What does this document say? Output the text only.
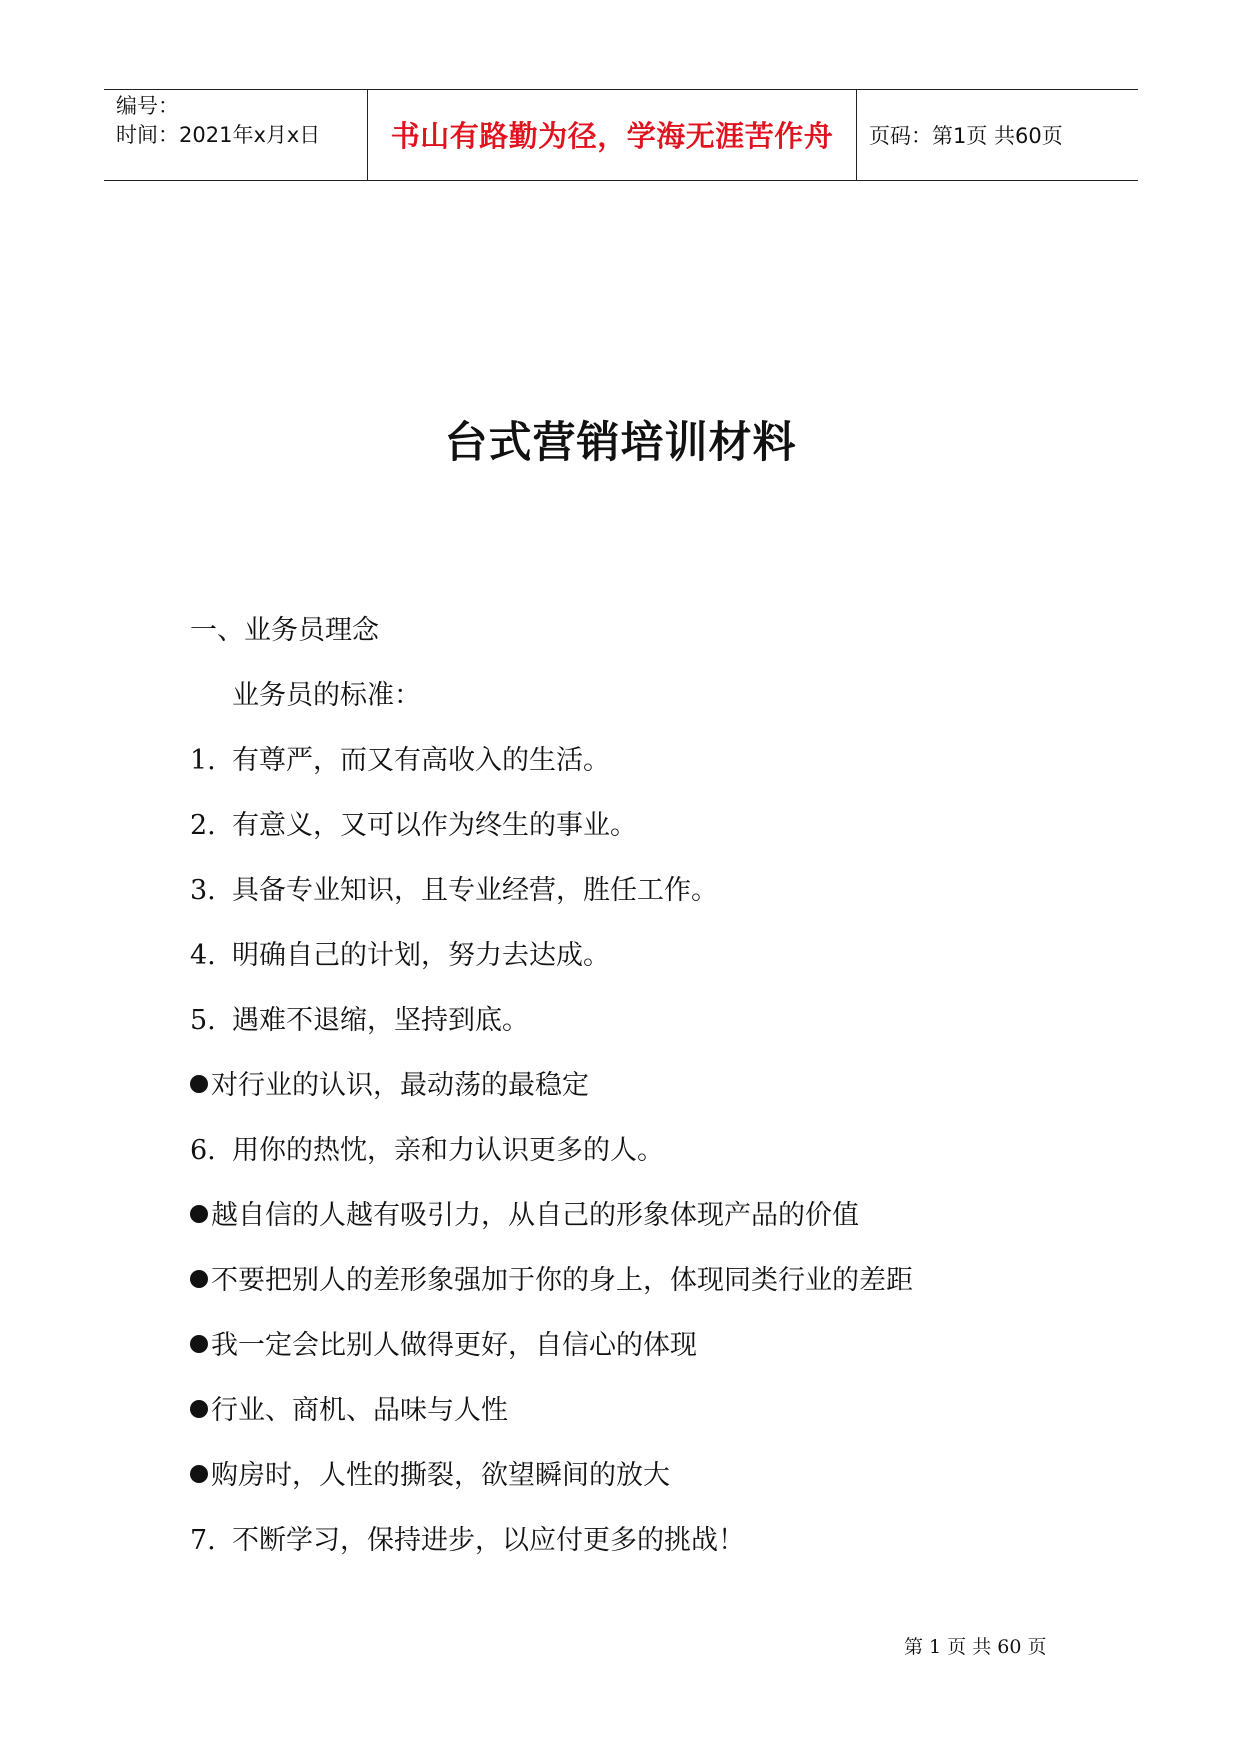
编号：
时间：2021年x月x日	书山有路勤为径，学海无涯苦作舟	页码：第1页 共60页
台式营销培训材料
一、业务员理念
业务员的标准：
1. 有尊严，而又有高收入的生活。
2. 有意义，又可以作为终生的事业。
3. 具备专业知识，且专业经营，胜任工作。
4. 明确自己的计划，努力去达成。
5. 遇难不退缩，坚持到底。
对行业的认识，最动荡的最稳定
6. 用你的热忱，亲和力认识更多的人。
越自信的人越有吸引力，从自己的形象体现产品的价值
不要把别人的差形象强加于你的身上，体现同类行业的差距
我一定会比别人做得更好，自信心的体现
行业、商机、品味与人性
购房时，人性的撕裂，欲望瞬间的放大
7. 不断学习，保持进步，以应付更多的挑战！
第 1 页 共 60 页
